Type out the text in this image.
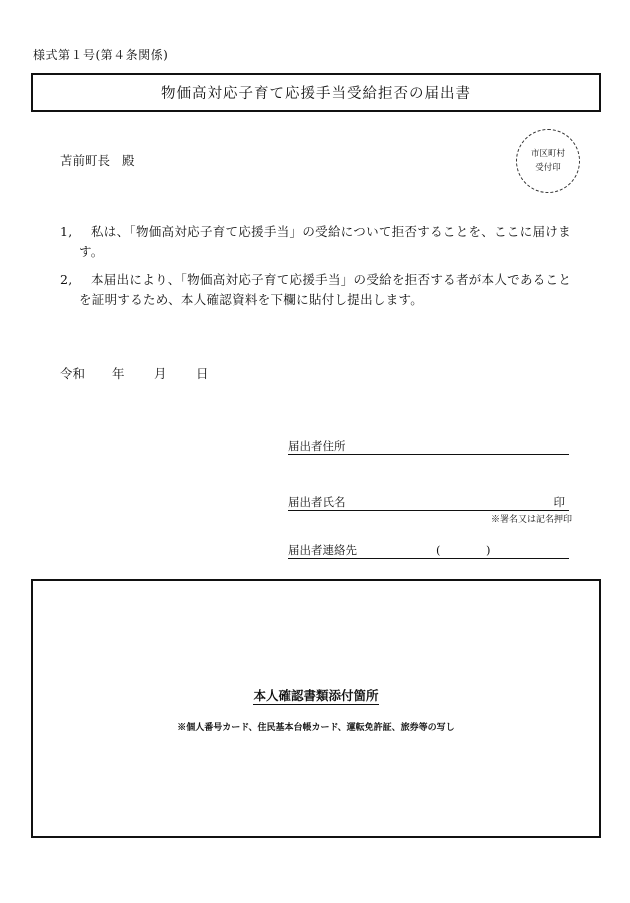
様式第１号(第４条関係)
物価高対応子育て応援手当受給拒否の届出書
苫前町長 殿	市区町村
受付印
1,	私は、「物価高対応子育て応援手当」の受給について拒否することを、ここに届けます。
2,	本届出により、「物価高対応子育て応援手当」の受給を拒否する者が本人であることを証明するため、本人確認資料を下欄に貼付し提出します。
令和	年	月	日
届出者住所
届出者氏名	印
※署名又は記名押印
届出者連絡先	(	)
本人確認書類添付箇所
※個人番号カード、住民基本台帳カード、運転免許証、旅券等の写し
